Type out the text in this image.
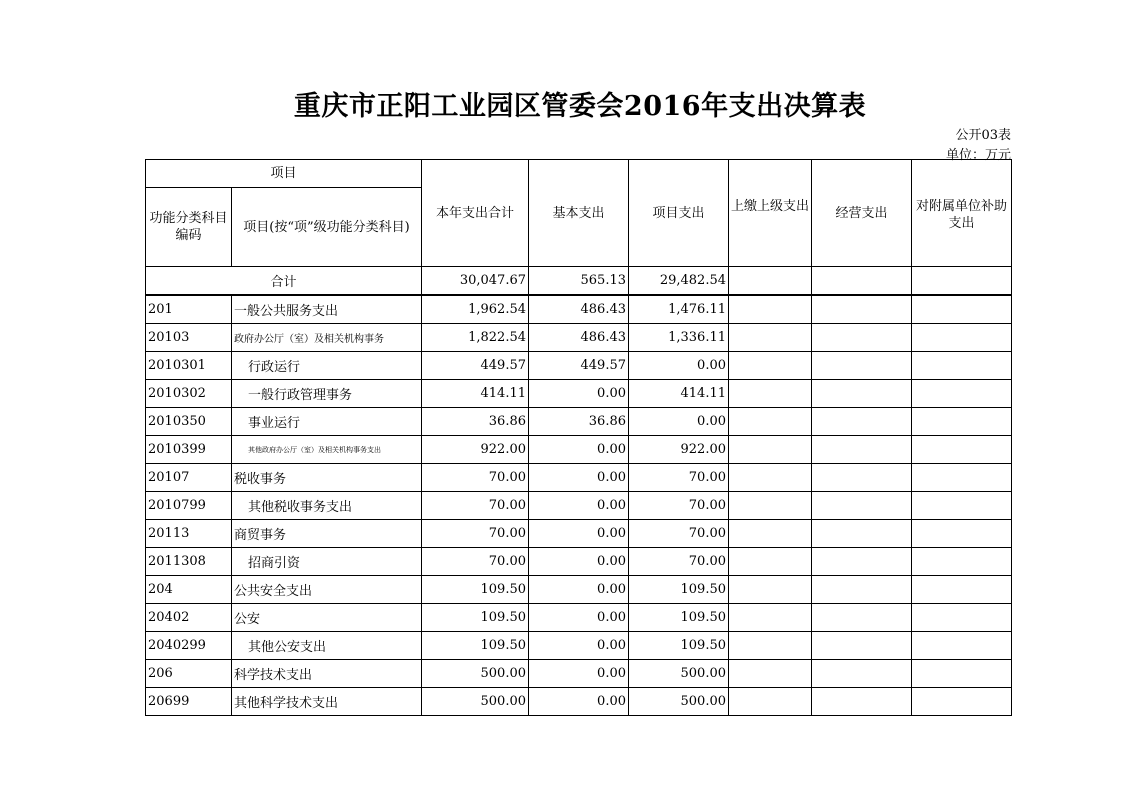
重庆市正阳工业园区管委会2016年支出决算表
公开03表
单位：万元
项目		本年支出合计	基本支出	项目支出	上缴上级支出	经营支出	对附属单位补助支出
功能分类科目编码	项目(按“项”级功能分类科目)						
合计		30,047.67	565.13	29,482.54			
201	一般公共服务支出	1,962.54	486.43	1,476.11			
20103	政府办公厅（室）及相关机构事务	1,822.54	486.43	1,336.11			
2010301	行政运行	449.57	449.57	0.00			
2010302	一般行政管理事务	414.11	0.00	414.11			
2010350	事业运行	36.86	36.86	0.00			
2010399	其他政府办公厅（室）及相关机构事务支出	922.00	0.00	922.00			
20107	税收事务	70.00	0.00	70.00			
2010799	其他税收事务支出	70.00	0.00	70.00			
20113	商贸事务	70.00	0.00	70.00			
2011308	招商引资	70.00	0.00	70.00			
204	公共安全支出	109.50	0.00	109.50			
20402	公安	109.50	0.00	109.50			
2040299	其他公安支出	109.50	0.00	109.50			
206	科学技术支出	500.00	0.00	500.00			
20699	其他科学技术支出	500.00	0.00	500.00			
